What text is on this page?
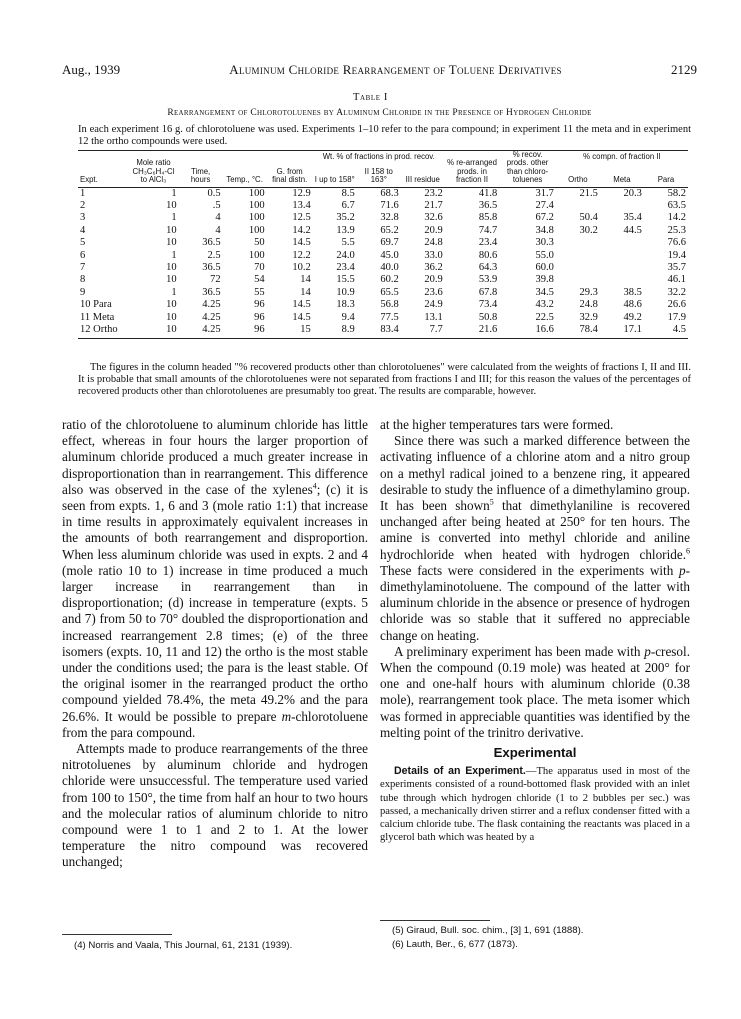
Aug., 1939	Aluminum Chloride Rearrangement of Toluene Derivatives	2129
Table I
Rearrangement of Chlorotoluenes by Aluminum Chloride in the Presence of Hydrogen Chloride
In each experiment 16 g. of chlorotoluene was used. Experiments 1–10 refer to the para compound; in experiment 11 the meta and in experiment 12 the ortho compounds were used.
Expt.	Mole ratio CH₃C₆H₄-Cl to AlCl₃	Time, hours	Temp., °C.	G. from final distn.	Wt. % of fractions in prod. recov.			% re-arranged prods. in fraction II	% recov. prods. other than chloro-toluenes	% compn. of fraction II		
					I up to 158°	II 158 to 163°	III residue			Ortho	Meta	Para
1	1	0.5	100	12.9	8.5	68.3	23.2	41.8	31.7	21.5	20.3	58.2
2	10	.5	100	13.4	6.7	71.6	21.7	36.5	27.4			63.5
3	1	4	100	12.5	35.2	32.8	32.6	85.8	67.2	50.4	35.4	14.2
4	10	4	100	14.2	13.9	65.2	20.9	74.7	34.8	30.2	44.5	25.3
5	10	36.5	50	14.5	5.5	69.7	24.8	23.4	30.3			76.6
6	1	2.5	100	12.2	24.0	45.0	33.0	80.6	55.0			19.4
7	10	36.5	70	10.2	23.4	40.0	36.2	64.3	60.0			35.7
8	10	72	54	14	15.5	60.2	20.9	53.9	39.8			46.1
9	1	36.5	55	14	10.9	65.5	23.6	67.8	34.5	29.3	38.5	32.2
10 Para	10	4.25	96	14.5	18.3	56.8	24.9	73.4	43.2	24.8	48.6	26.6
11 Meta	10	4.25	96	14.5	9.4	77.5	13.1	50.8	22.5	32.9	49.2	17.9
12 Ortho	10	4.25	96	15	8.9	83.4	7.7	21.6	16.6	78.4	17.1	4.5
The figures in the column headed "% recovered products other than chlorotoluenes" were calculated from the weights of fractions I, II and III. It is probable that small amounts of the chlorotoluenes were not separated from fractions I and III; for this reason the values of the percentages of recovered products other than chlorotoluenes are presumably too great. The results are comparable, however.

ratio of the chlorotoluene to aluminum chloride has little effect, whereas in four hours the larger proportion of aluminum chloride produced a much greater increase in disproportionation than in rearrangement. This difference also was observed in the case of the xylenes$^4$; (c) it is seen from expts. 1, 6 and 3 (mole ratio 1:1) that increase in time results in approximately equivalent increases in the amounts of both rearrangement and disproportion. When less aluminum chloride was used in expts. 2 and 4 (mole ratio 10 to 1) increase in time produced a much larger increase in rearrangement than in disproportionation; (d) increase in temperature (expts. 5 and 7) from 50 to 70° doubled the disproportionation and increased rearrangement 2.8 times; (e) of the three isomers (expts. 10, 11 and 12) the ortho is the most stable under the conditions used; the para is the least stable. Of the original isomer in the rearranged product the ortho compound yielded 78.4%, the meta 49.2% and the para 26.6%. It would be possible to prepare m-chlorotoluene from the para compound.

Attempts made to produce rearrangements of the three nitrotoluenes by aluminum chloride and hydrogen chloride were unsuccessful. The temperature used varied from 100 to 150°, the time from half an hour to two hours and the molecular ratios of aluminum chloride to nitro compound were 1 to 1 and 2 to 1. At the lower temperature the nitro compound was recovered unchanged;

(4) Norris and Vaala, This Journal, 61, 2131 (1939).

at the higher temperatures tars were formed.

Since there was such a marked difference between the activating influence of a chlorine atom and a nitro group on a methyl radical joined to a benzene ring, it appeared desirable to study the influence of a dimethylamino group. It has been shown$^5$ that dimethylaniline is recovered unchanged after being heated at 250° for ten hours. The amine is converted into methyl chloride and aniline hydrochloride when heated with hydrogen chloride.$^6$ These facts were considered in the experiments with p-dimethylaminotoluene. The compound of the latter with aluminum chloride in the absence or presence of hydrogen chloride was so stable that it suffered no appreciable change on heating.

A preliminary experiment has been made with p-cresol. When the compound (0.19 mole) was heated at 200° for one and one-half hours with aluminum chloride (0.38 mole), rearrangement took place. The meta isomer which was formed in appreciable quantities was identified by the melting point of the trinitro derivative.

Experimental

Details of an Experiment.—The apparatus used in most of the experiments consisted of a round-bottomed flask provided with an inlet tube through which hydrogen chloride (1 to 2 bubbles per sec.) was passed, a mechanically driven stirrer and a reflux condenser fitted with a calcium chloride tube. The flask containing the reactants was placed in a glycerol bath which was heated by a

(5) Giraud, Bull. soc. chim., [3] 1, 691 (1888).
(6) Lauth, Ber., 6, 677 (1873).
